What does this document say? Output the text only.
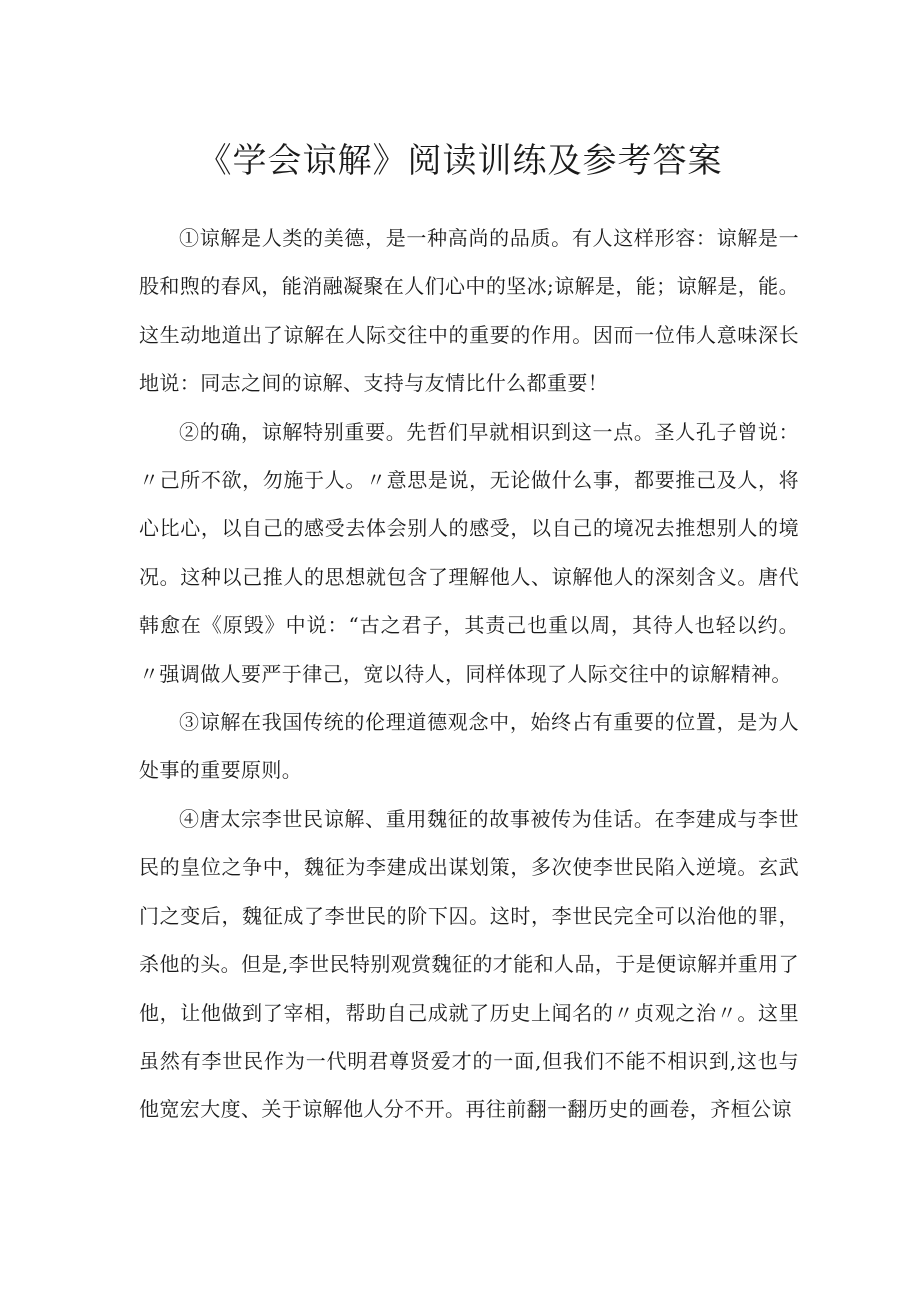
《学会谅解》阅读训练及参考答案

①谅解是人类的美德，是一种高尚的品质。有人这样形容：谅解是一股和煦的春风，能消融凝聚在人们心中的坚冰;谅解是，能；谅解是，能。这生动地道出了谅解在人际交往中的重要的作用。因而一位伟人意味深长地说：同志之间的谅解、支持与友情比什么都重要！

②的确，谅解特别重要。先哲们早就相识到这一点。圣人孔子曾说：〃己所不欲，勿施于人。〃意思是说，无论做什么事，都要推己及人，将心比心，以自己的感受去体会别人的感受，以自己的境况去推想别人的境况。这种以己推人的思想就包含了理解他人、谅解他人的深刻含义。唐代韩愈在《原毁》中说：“古之君子，其责己也重以周，其待人也轻以约。〃强调做人要严于律己，宽以待人，同样体现了人际交往中的谅解精神。

③谅解在我国传统的伦理道德观念中，始终占有重要的位置，是为人处事的重要原则。

④唐太宗李世民谅解、重用魏征的故事被传为佳话。在李建成与李世民的皇位之争中，魏征为李建成出谋划策，多次使李世民陷入逆境。玄武门之变后，魏征成了李世民的阶下囚。这时，李世民完全可以治他的罪，杀他的头。但是,李世民特别观赏魏征的才能和人品，于是便谅解并重用了他，让他做到了宰相，帮助自己成就了历史上闻名的〃贞观之治〃。这里虽然有李世民作为一代明君尊贤爱才的一面,但我们不能不相识到,这也与他宽宏大度、关于谅解他人分不开。再往前翻一翻历史的画卷，齐桓公谅
